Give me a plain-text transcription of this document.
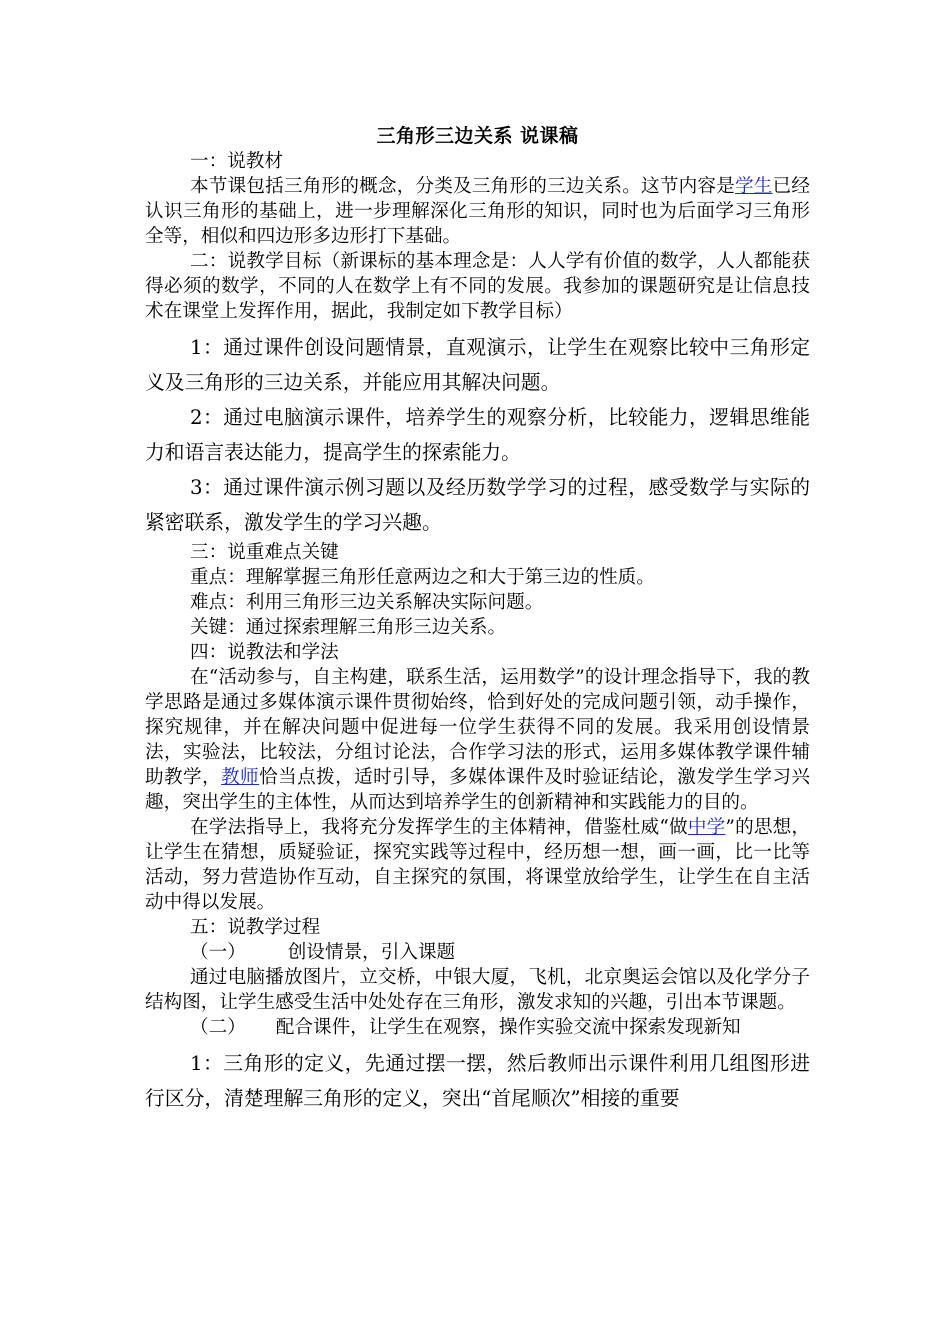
三角形三边关系 说课稿

一：说教材

本节课包括三角形的概念，分类及三角形的三边关系。这节内容是学生已经认识三角形的基础上，进一步理解深化三角形的知识，同时也为后面学习三角形全等，相似和四边形多边形打下基础。

二：说教学目标（新课标的基本理念是：人人学有价值的数学，人人都能获得必须的数学，不同的人在数学上有不同的发展。我参加的课题研究是让信息技术在课堂上发挥作用，据此，我制定如下教学目标）

1：通过课件创设问题情景，直观演示，让学生在观察比较中三角形定义及三角形的三边关系，并能应用其解决问题。

2：通过电脑演示课件，培养学生的观察分析，比较能力，逻辑思维能力和语言表达能力，提高学生的探索能力。

3：通过课件演示例习题以及经历数学学习的过程，感受数学与实际的紧密联系，激发学生的学习兴趣。

三：说重难点关键

重点：理解掌握三角形任意两边之和大于第三边的性质。

难点：利用三角形三边关系解决实际问题。

关键：通过探索理解三角形三边关系。

四：说教法和学法

在“活动参与，自主构建，联系生活，运用数学”的设计理念指导下，我的教学思路是通过多媒体演示课件贯彻始终，恰到好处的完成问题引领，动手操作，探究规律，并在解决问题中促进每一位学生获得不同的发展。我采用创设情景法，实验法，比较法，分组讨论法，合作学习法的形式，运用多媒体教学课件辅助教学，教师恰当点拨，适时引导，多媒体课件及时验证结论，激发学生学习兴趣，突出学生的主体性，从而达到培养学生的创新精神和实践能力的目的。

在学法指导上，我将充分发挥学生的主体精神，借鉴杜威“做中学”的思想，让学生在猜想，质疑验证，探究实践等过程中，经历想一想，画一画，比一比等活动，努力营造协作互动，自主探究的氛围，将课堂放给学生，让学生在自主活动中得以发展。

五：说教学过程

（一） 创设情景，引入课题

通过电脑播放图片，立交桥，中银大厦，飞机，北京奥运会馆以及化学分子结构图，让学生感受生活中处处存在三角形，激发求知的兴趣，引出本节课题。

（二） 配合课件，让学生在观察，操作实验交流中探索发现新知

1：三角形的定义，先通过摆一摆，然后教师出示课件利用几组图形进行区分，清楚理解三角形的定义，突出“首尾顺次”相接的重要
